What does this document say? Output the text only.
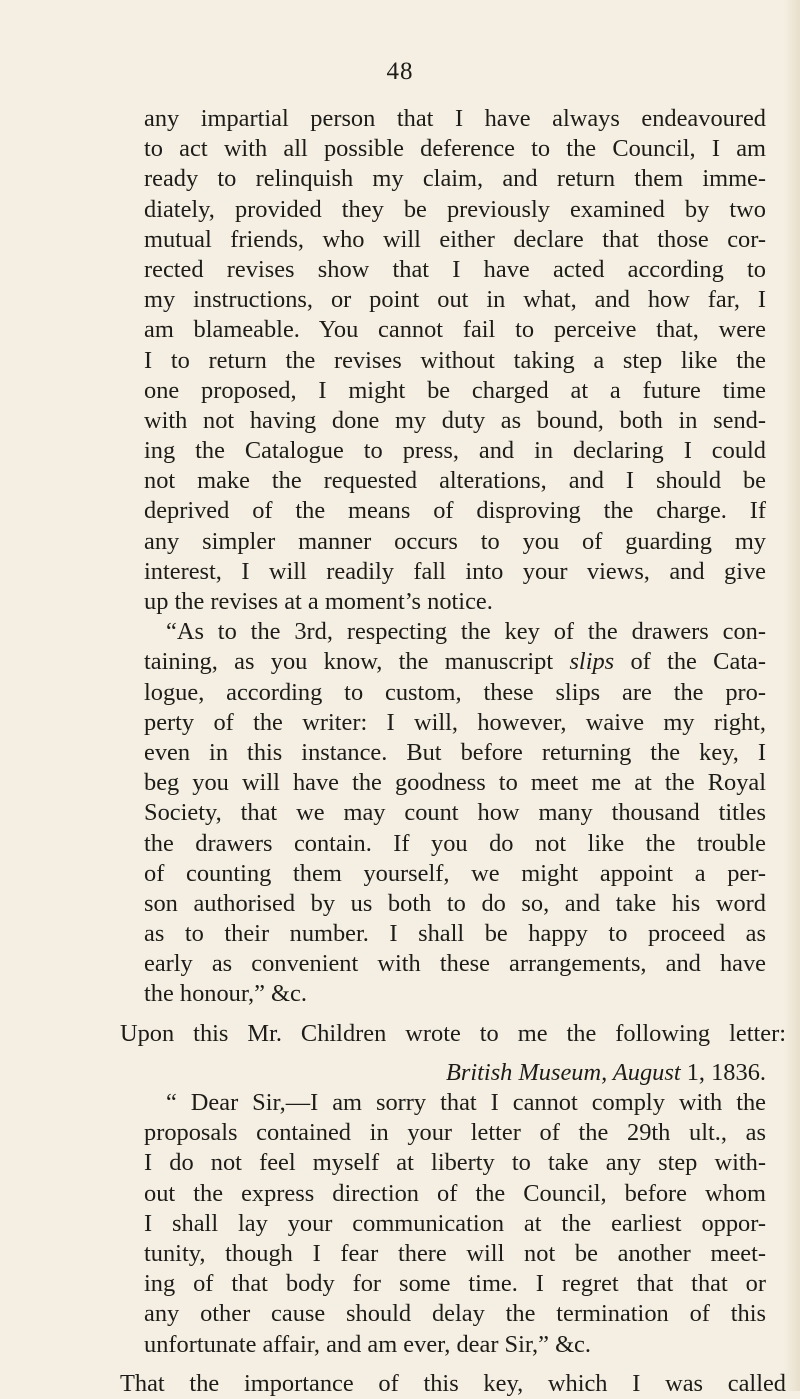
48
any impartial person that I have always endeavoured
to act with all possible deference to the Council, I am
ready to relinquish my claim, and return them imme-
diately, provided they be previously examined by two
mutual friends, who will either declare that those cor-
rected revises show that I have acted according to
my instructions, or point out in what, and how far, I
am blameable. You cannot fail to perceive that, were
I to return the revises without taking a step like the
one proposed, I might be charged at a future time
with not having done my duty as bound, both in send-
ing the Catalogue to press, and in declaring I could
not make the requested alterations, and I should be
deprived of the means of disproving the charge. If
any simpler manner occurs to you of guarding my
interest, I will readily fall into your views, and give
up the revises at a moment’s notice.
“As to the 3rd, respecting the key of the drawers con-
taining, as you know, the manuscript slips of the Cata-
logue, according to custom, these slips are the pro-
perty of the writer: I will, however, waive my right,
even in this instance. But before returning the key, I
beg you will have the goodness to meet me at the Royal
Society, that we may count how many thousand titles
the drawers contain. If you do not like the trouble
of counting them yourself, we might appoint a per-
son authorised by us both to do so, and take his word
as to their number. I shall be happy to proceed as
early as convenient with these arrangements, and have
the honour,” &c.
Upon this Mr. Children wrote to me the following letter:
British Museum, August 1, 1836.
“ Dear Sir,—I am sorry that I cannot comply with the
proposals contained in your letter of the 29th ult., as
I do not feel myself at liberty to take any step with-
out the express direction of the Council, before whom
I shall lay your communication at the earliest oppor-
tunity, though I fear there will not be another meet-
ing of that body for some time. I regret that that or
any other cause should delay the termination of this
unfortunate affair, and am ever, dear Sir,” &c.
That the importance of this key, which I was called
